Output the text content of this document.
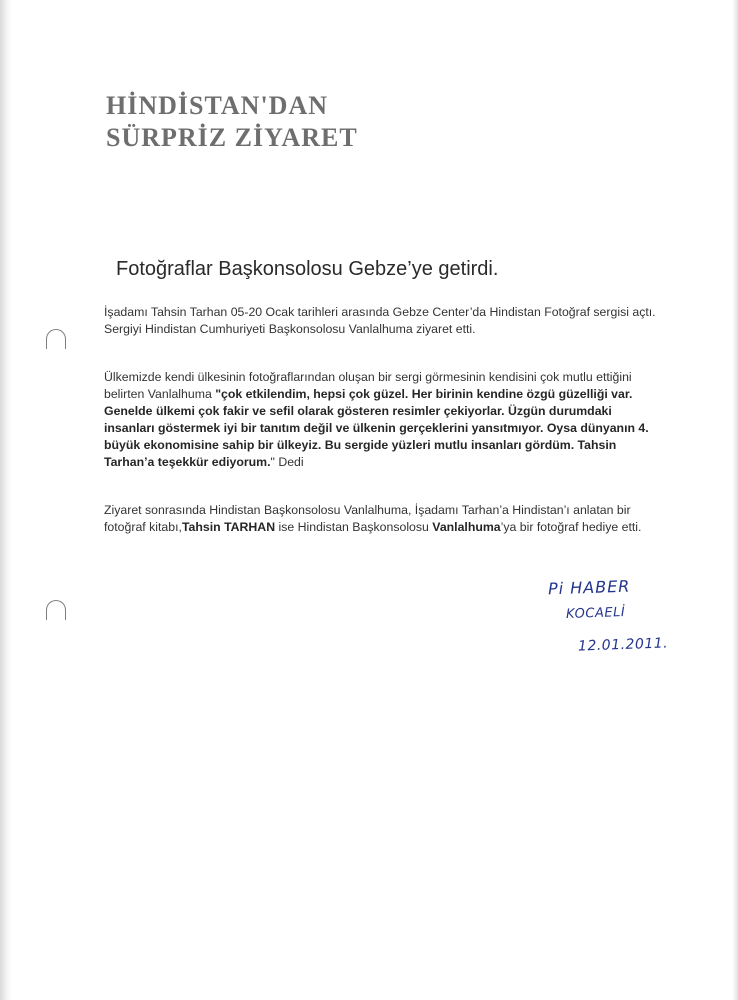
HİNDİSTAN'DAN
SÜRPRİZ ZİYARET
Fotoğraflar Başkonsolosu Gebze’ye getirdi.

İşadamı Tahsin Tarhan 05-20 Ocak tarihleri arasında Gebze Center’da Hindistan Fotoğraf sergisi açtı. Sergiyi Hindistan Cumhuriyeti Başkonsolosu Vanlalhuma ziyaret etti.

Ülkemizde kendi ülkesinin fotoğraflarından oluşan bir sergi görmesinin kendisini çok mutlu ettiğini belirten Vanlalhuma "çok etkilendim, hepsi çok güzel. Her birinin kendine özgü güzelliği var. Genelde ülkemi çok fakir ve sefil olarak gösteren resimler çekiyorlar. Üzgün durumdaki insanları göstermek iyi bir tanıtım değil ve ülkenin gerçeklerini yansıtmıyor. Oysa dünyanın 4. büyük ekonomisine sahip bir ülkeyiz. Bu sergide yüzleri mutlu insanları gördüm. Tahsin Tarhan’a teşekkür ediyorum." Dedi

Ziyaret sonrasında Hindistan Başkonsolosu Vanlalhuma, İşadamı Tarhan’a Hindistan’ı anlatan bir fotoğraf kitabı,Tahsin TARHAN ise Hindistan Başkonsolosu Vanlalhuma’ya bir fotoğraf hediye etti.

Pi HABER
KOCAELİ
12.01.2011.
